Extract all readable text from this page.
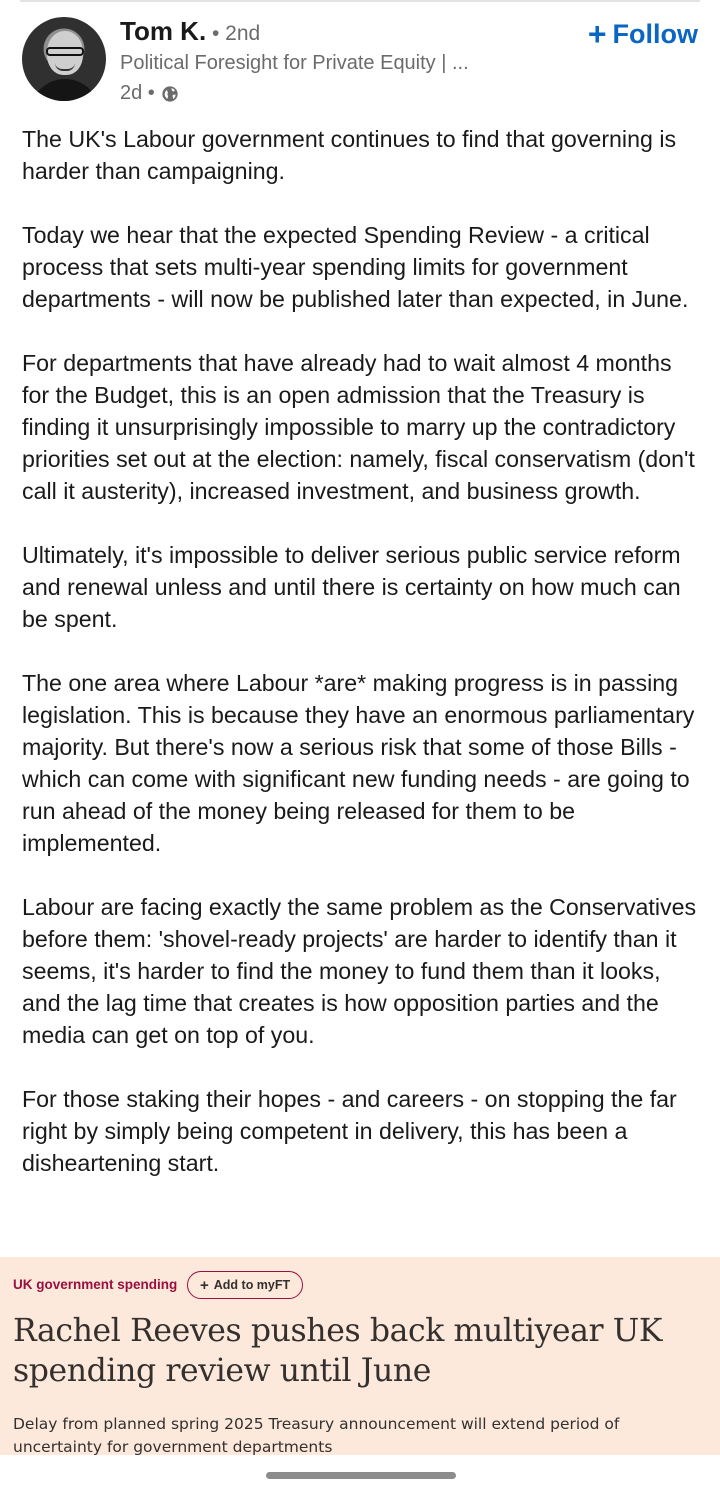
Tom K. • 2nd
Political Foresight for Private Equity | ...
2d •
+ Follow

The UK's Labour government continues to find that governing is harder than campaigning.

Today we hear that the expected Spending Review - a critical process that sets multi-year spending limits for government departments - will now be published later than expected, in June.

For departments that have already had to wait almost 4 months for the Budget, this is an open admission that the Treasury is finding it unsurprisingly impossible to marry up the contradictory priorities set out at the election: namely, fiscal conservatism (don't call it austerity), increased investment, and business growth.

Ultimately, it's impossible to deliver serious public service reform and renewal unless and until there is certainty on how much can be spent.

The one area where Labour *are* making progress is in passing legislation. This is because they have an enormous parliamentary majority. But there's now a serious risk that some of those Bills - which can come with significant new funding needs - are going to run ahead of the money being released for them to be implemented.

Labour are facing exactly the same problem as the Conservatives before them: 'shovel-ready projects' are harder to identify than it seems, it's harder to find the money to fund them than it looks, and the lag time that creates is how opposition parties and the media can get on top of you.

For those staking their hopes - and careers - on stopping the far right by simply being competent in delivery, this has been a disheartening start.

UK government spending + Add to myFT
Rachel Reeves pushes back multiyear UK spending review until June
Delay from planned spring 2025 Treasury announcement will extend period of uncertainty for government departments
